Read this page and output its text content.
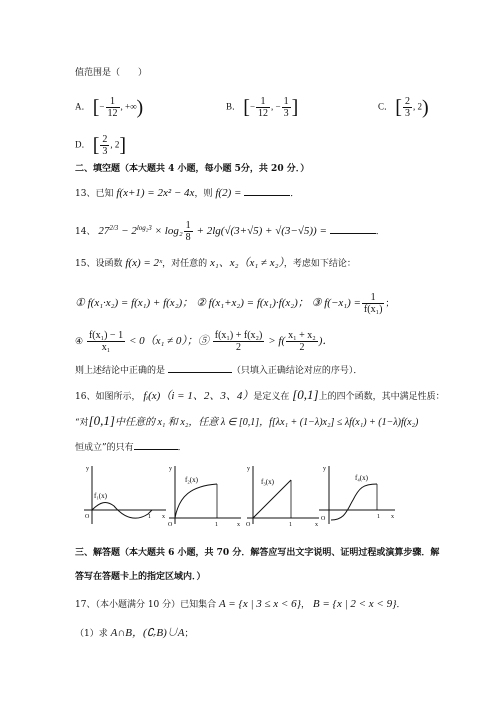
值范围是（　　）
A． [− $\frac{1}{12}$ , +∞)	B． [− $\frac{1}{12}$ , − $\frac{1}{3}$ ]	C． [ $\frac{2}{3}$ , 2)
D． [ $\frac{2}{3}$ , 2]
二、填空题（本大题共 4 小题，每小题 5分，共 20 分．）
13、已知 f(x+1) = 2x² − 4x，则 f(2) =	．
14、 $27^{2/3} - 2^{log_23} \times \log_2 \frac{1}{8} + 2\lg(√(3+√5) + √(3-√5))$ =	．
15、设函数 f(x) = 2ˣ，对任意的 x₁、x₂（x₁ ≠ x₂），考虑如下结论：
① f(x₁·x₂) = f(x₁) + f(x₂)； ② f(x₁+x₂) = f(x₁)·f(x₂)； ③ $f(-x_1) = \frac{1}{\text{f(x₁)}}$ ；
④ $\frac{\text{f(x₁) − 1}}{\text{x₁}} < 0(x_1 \ne 0)$；⑤ $\frac{\text{f(x₁) + f(x₂)}}{2} > f( \frac{\text{x₁ + x₂}}{2}$ )．
则上述结论中正确的是	（只填入正确结论对应的序号）．
16、如图所示， fᵢ(x)（i = 1、2、3、4）是定义在 [0,1]上的四个函数，其中满足性质：
“对[0,1]中任意的 x₁ 和 x₂，任意 λ ∈ [0,1]，f[λx₁ + (1−λ)x₂] ≤ λf(x₁) + (1−λ)f(x₂)
恒成立”的只有	．
y
x
O	1
f₁(x)
y
x
O	1
f₂(x)
y
x
O	1
f₃(x)
y
x
O	1
f₄(x)
三、解答题（本大题共 6 小题，共 70 分．解答应写出文字说明、证明过程或演算步骤．解
答写在答题卡上的指定区域内．）
17、（本小题满分 10 分）已知集合 A = {x | 3 ≤ x < 6}， B = {x | 2 < x < 9}．
（1）求 A∩B，(∁ᵣB)∪A；
